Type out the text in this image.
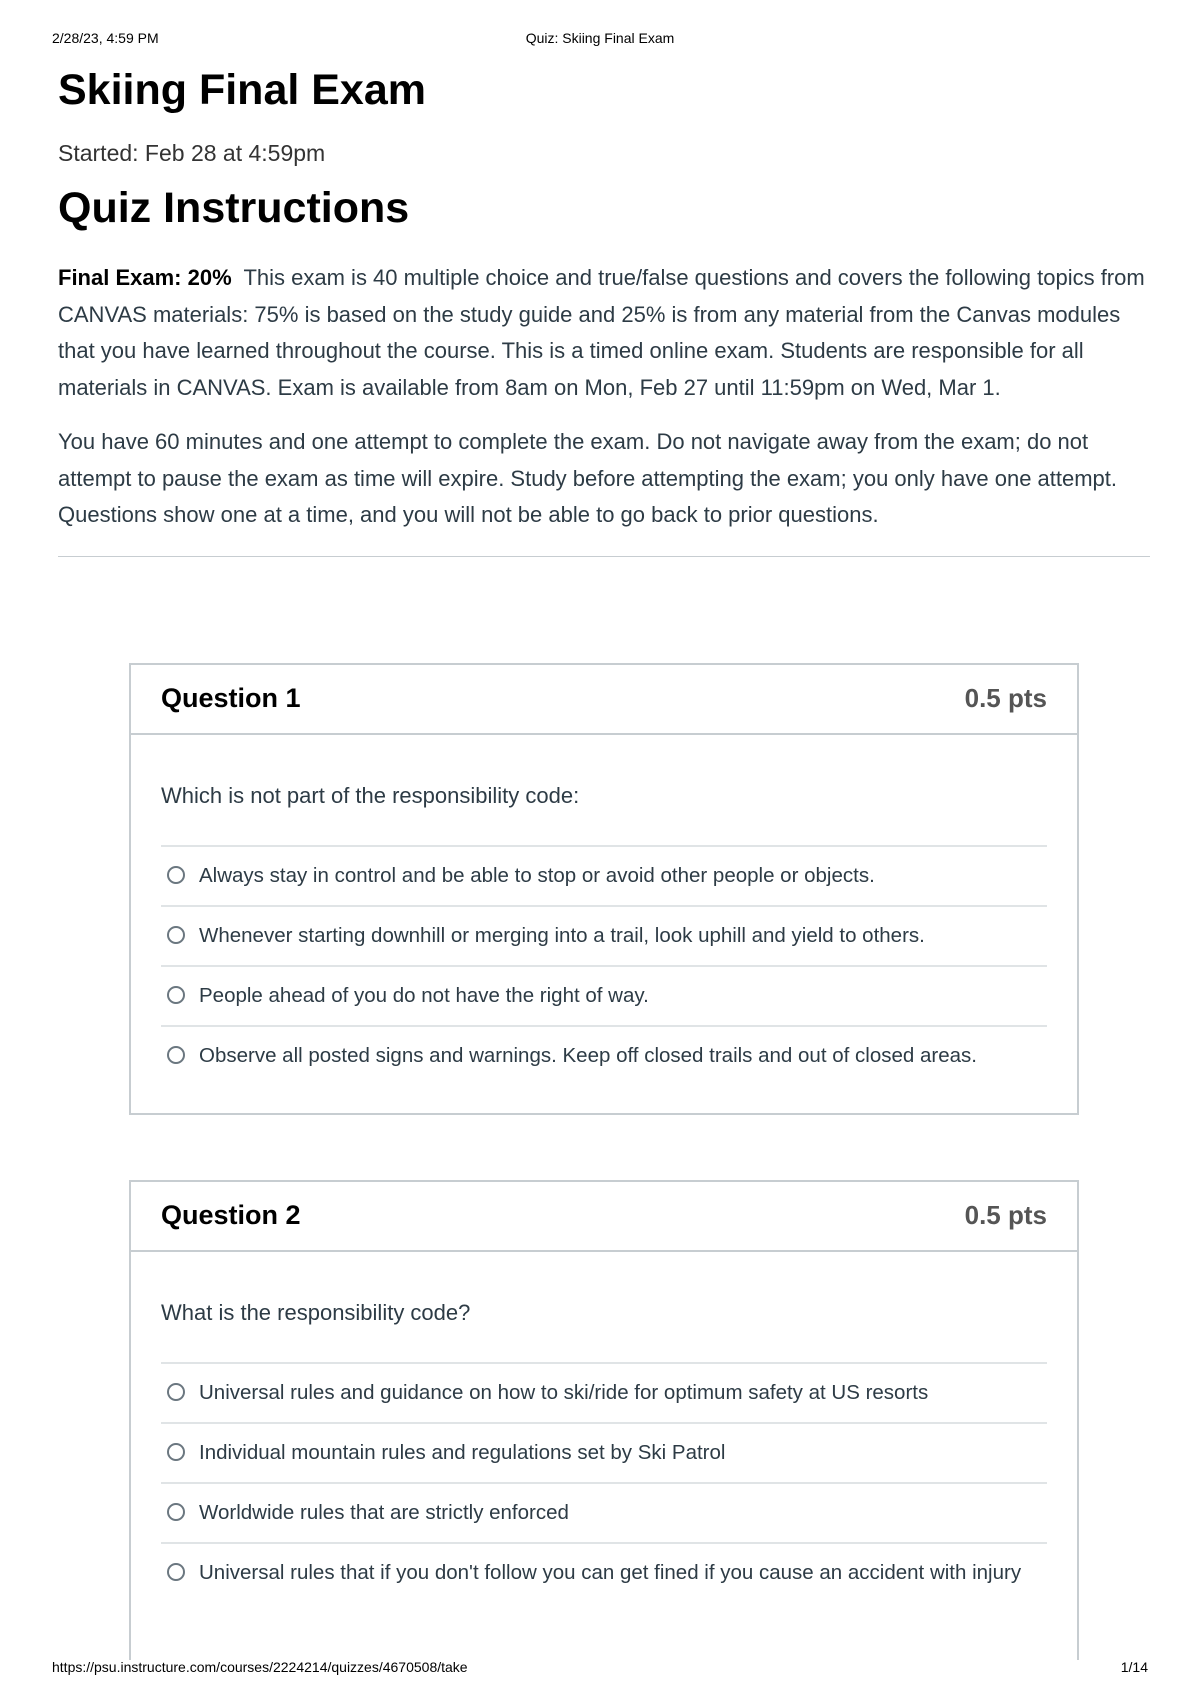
2/28/23, 4:59 PM	Quiz: Skiing Final Exam
Skiing Final Exam
Started: Feb 28 at 4:59pm
Quiz Instructions

Final Exam: 20% This exam is 40 multiple choice and true/false questions and covers the following topics from CANVAS materials: 75% is based on the study guide and 25% is from any material from the Canvas modules that you have learned throughout the course. This is a timed online exam. Students are responsible for all materials in CANVAS. Exam is available from 8am on Mon, Feb 27 until 11:59pm on Wed, Mar 1.

You have 60 minutes and one attempt to complete the exam. Do not navigate away from the exam; do not attempt to pause the exam as time will expire. Study before attempting the exam; you only have one attempt. Questions show one at a time, and you will not be able to go back to prior questions.

Question 1	0.5 pts

Which is not part of the responsibility code:

Always stay in control and be able to stop or avoid other people or objects.
Whenever starting downhill or merging into a trail, look uphill and yield to others.
People ahead of you do not have the right of way.
Observe all posted signs and warnings. Keep off closed trails and out of closed areas.
Question 2	0.5 pts

What is the responsibility code?

Universal rules and guidance on how to ski/ride for optimum safety at US resorts
Individual mountain rules and regulations set by Ski Patrol
Worldwide rules that are strictly enforced
Universal rules that if you don't follow you can get fined if you cause an accident with injury
https://psu.instructure.com/courses/2224214/quizzes/4670508/take	1/14
